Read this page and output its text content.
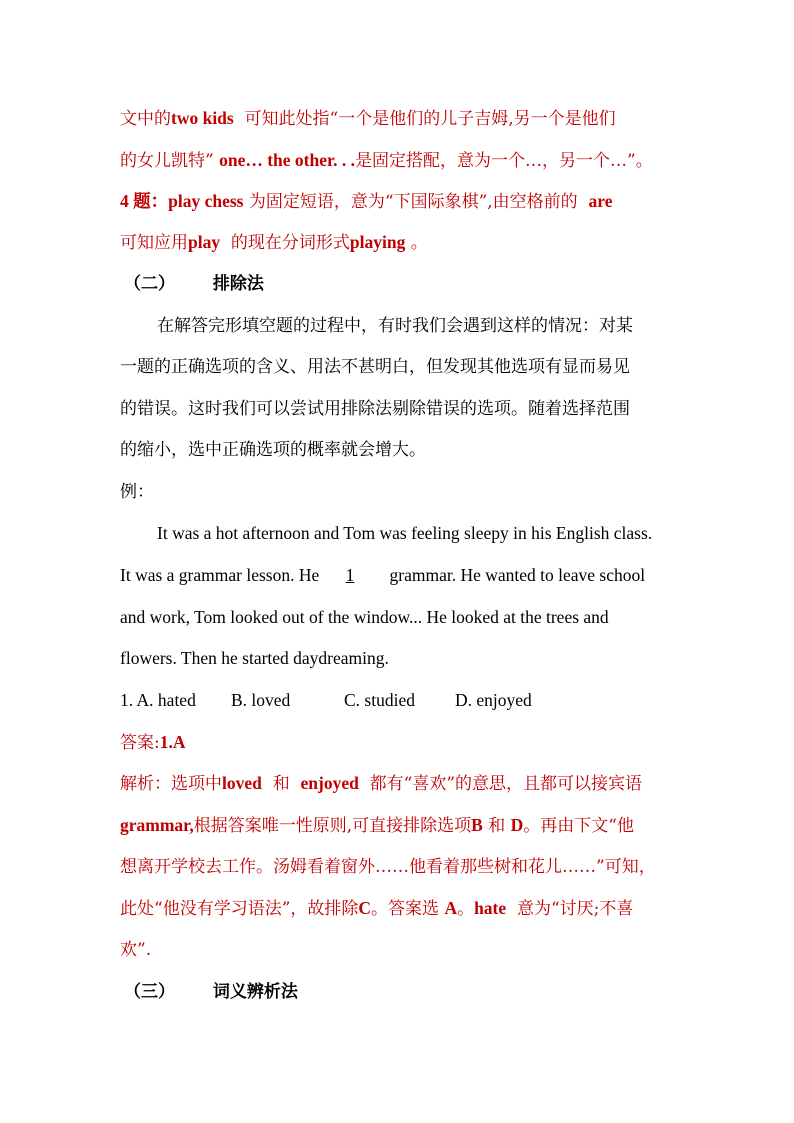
文中的two kids 可知此处指“一个是他们的儿子吉姆,另一个是他们
的女儿凯特” one… the other. . .是固定搭配，意为一个…，另一个…”。
4 题：play chess 为固定短语，意为“下国际象棋”,由空格前的 are
可知应用play 的现在分词形式playing 。
（二） 排除法
在解答完形填空题的过程中，有时我们会遇到这样的情况：对某
一题的正确选项的含义、用法不甚明白，但发现其他选项有显而易见
的错误。这时我们可以尝试用排除法剔除错误的选项。随着选择范围
的缩小，选中正确选项的概率就会增大。
例：
It was a hot afternoon and Tom was feeling sleepy in his English class.
It was a grammar lesson. He 1 grammar. He wanted to leave school
and work, Tom looked out of the window... He looked at the trees and
flowers. Then he started daydreaming.
1. A. hated B. loved	C. studied D. enjoyed
答案:1.A
解析：选项中loved 和 enjoyed 都有“喜欢”的意思，且都可以接宾语
grammar,根据答案唯一性原则,可直接排除选项B 和 D。再由下文“他
想离开学校去工作。汤姆看着窗外……他看着那些树和花儿……”可知，
此处“他没有学习语法”，故排除C。答案选 A。hate 意为“讨厌;不喜
欢”.
（三） 词义辨析法
